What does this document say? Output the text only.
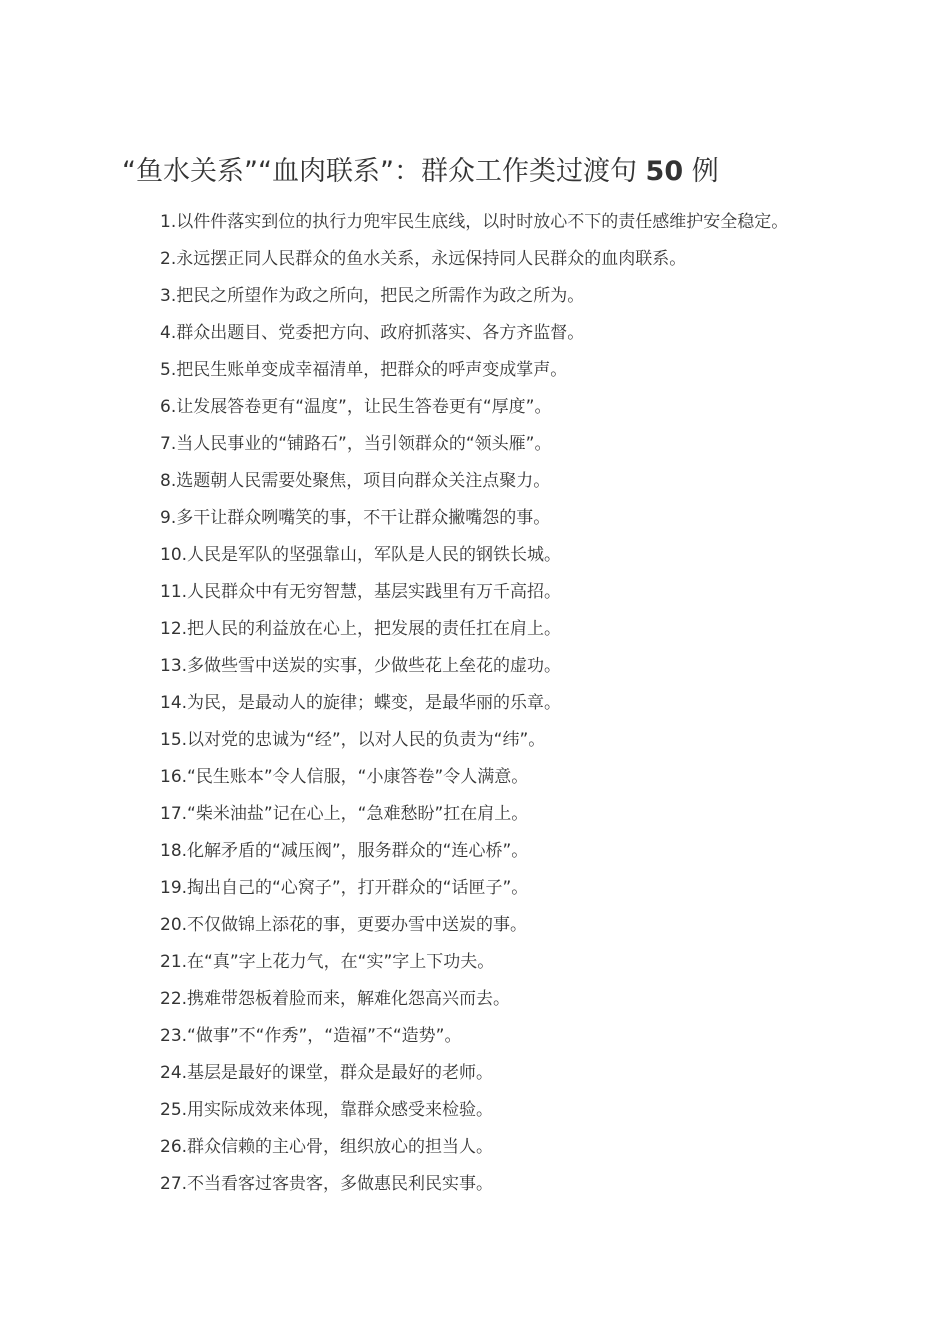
“鱼水关系”“血肉联系”：群众工作类过渡句 50 例
1.以件件落实到位的执行力兜牢民生底线，以时时放心不下的责任感维护安全稳定。
2.永远摆正同人民群众的鱼水关系，永远保持同人民群众的血肉联系。
3.把民之所望作为政之所向，把民之所需作为政之所为。
4.群众出题目、党委把方向、政府抓落实、各方齐监督。
5.把民生账单变成幸福清单，把群众的呼声变成掌声。
6.让发展答卷更有“温度”，让民生答卷更有“厚度”。
7.当人民事业的“铺路石”，当引领群众的“领头雁”。
8.选题朝人民需要处聚焦，项目向群众关注点聚力。
9.多干让群众咧嘴笑的事，不干让群众撇嘴怨的事。
10.人民是军队的坚强靠山，军队是人民的钢铁长城。
11.人民群众中有无穷智慧，基层实践里有万千高招。
12.把人民的利益放在心上，把发展的责任扛在肩上。
13.多做些雪中送炭的实事，少做些花上垒花的虚功。
14.为民，是最动人的旋律；蝶变，是最华丽的乐章。
15.以对党的忠诚为“经”，以对人民的负责为“纬”。
16.“民生账本”令人信服，“小康答卷”令人满意。
17.“柴米油盐”记在心上，“急难愁盼”扛在肩上。
18.化解矛盾的“减压阀”，服务群众的“连心桥”。
19.掏出自己的“心窝子”，打开群众的“话匣子”。
20.不仅做锦上添花的事，更要办雪中送炭的事。
21.在“真”字上花力气，在“实”字上下功夫。
22.携难带怨板着脸而来，解难化怨高兴而去。
23.“做事”不“作秀”，“造福”不“造势”。
24.基层是最好的课堂，群众是最好的老师。
25.用实际成效来体现，靠群众感受来检验。
26.群众信赖的主心骨，组织放心的担当人。
27.不当看客过客贵客，多做惠民利民实事。
